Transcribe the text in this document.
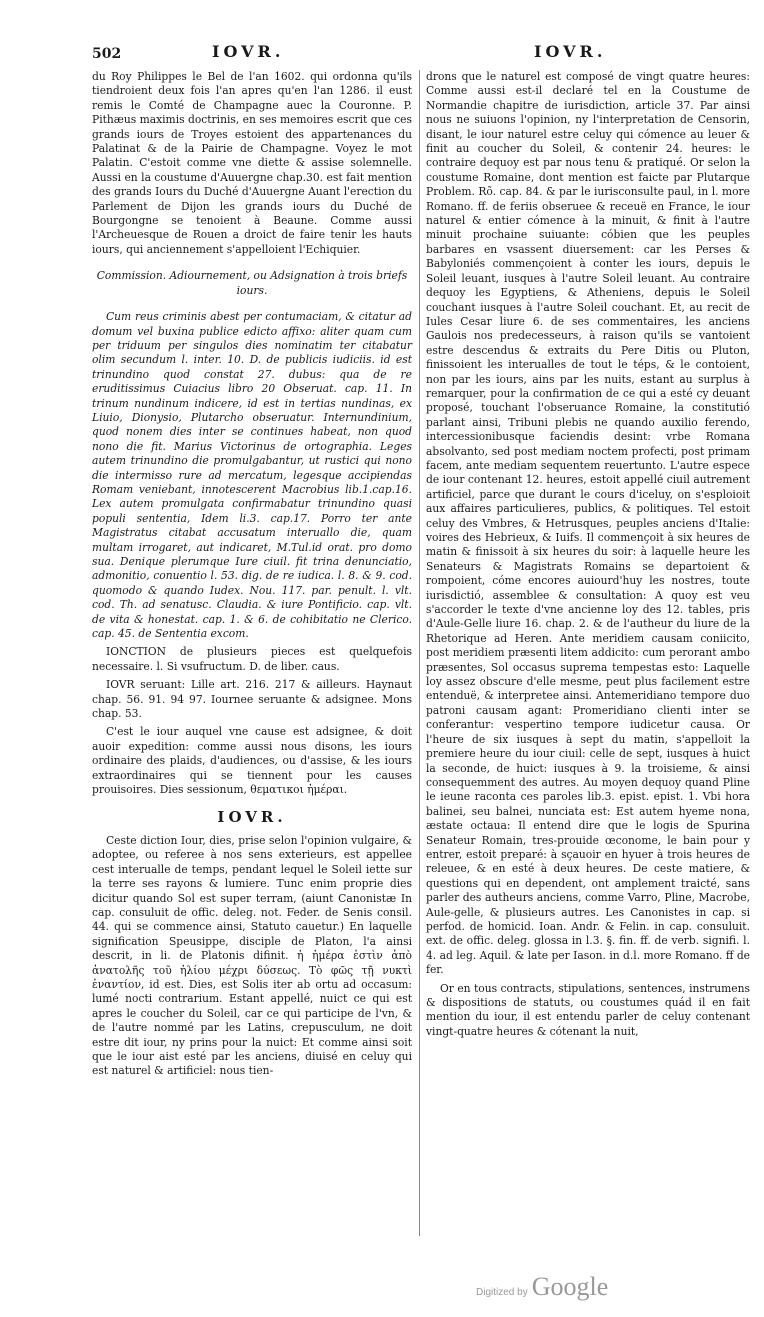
502	IOVR.	IOVR.

du Roy Philippes le Bel de l'an 1602. qui ordonna qu'ils tiendroient deux fois l'an apres qu'en l'an 1286. il eust remis le Comté de Champagne auec la Couronne. P. Pithæus maximis doctrinis, en ses memoires escrit que ces grands iours de Troyes estoient des appartenances du Palatinat & de la Pairie de Champagne. Voyez le mot Palatin. C'estoit comme vne diette & assise solemnelle. Aussi en la coustume d'Auuergne chap.30. est fait mention des grands Iours du Duché d'Auuergne Auant l'erection du Parlement de Dijon les grands iours du Duché de Bourgongne se tenoient à Beaune. Comme aussi l'Archeuesque de Rouen a droict de faire tenir les hauts iours, qui anciennement s'appelloient l'Echiquier.

Commission. Adiournement, ou Adsignation à trois briefs iours.

Cum reus criminis abest per contumaciam, & citatur ad domum vel buxina publice edicto affixo: aliter quam cum per triduum per singulos dies nominatim ter citabatur olim secundum l. inter. 10. D. de publicis iudiciis. id est trinundino quod constat 27. dubus: qua de re eruditissimus Cuiacius libro 20 Obseruat. cap. 11. In trinum nundinum indicere, id est in tertias nundinas, ex Liuio, Dionysio, Plutarcho obseruatur. Internundinium, quod nonem dies inter se continues habeat, non quod nono die fit. Marius Victorinus de ortographia. Leges autem trinundino die promulgabantur, ut rustici qui nono die intermisso rure ad mercatum, legesque accipiendas Romam veniebant, innotescerent Macrobius lib.1.cap.16. Lex autem promulgata confirmabatur trinundino quasi populi sententia, Idem li.3. cap.17. Porro ter ante Magistratus citabat accusatum interuallo die, quam multam irrogaret, aut indicaret, M.Tul.id orat. pro domo sua. Denique plerumque Iure ciuil. fit trina denunciatio, admonitio, conuentio l. 53. dig. de re iudica. l. 8. & 9. cod. quomodo & quando Iudex. Nou. 117. par. penult. l. vlt. cod. Th. ad senatusc. Claudia. & iure Pontificio. cap. vlt. de vita & honestat. cap. 1. & 6. de cohibitatio ne Clerico. cap. 45. de Sententia excom.

IONCTION de plusieurs pieces est quelquefois necessaire. l. Si vsufructum. D. de liber. caus.

IOVR seruant: Lille art. 216. 217 & ailleurs. Haynaut chap. 56. 91. 94 97. Iournee seruante & adsignee. Mons chap. 53.

C'est le iour auquel vne cause est adsignee, & doit auoir expedition: comme aussi nous disons, les iours ordinaire des plaids, d'audiences, ou d'assise, & les iours extraordinaires qui se tiennent pour les causes prouisoires. Dies sessionum, θεματικοι ἡμέραι.

IOVR.

Ceste diction Iour, dies, prise selon l'opinion vulgaire, & adoptee, ou referee à nos sens exterieurs, est appellee cest interualle de temps, pendant lequel le Soleil iette sur la terre ses rayons & lumiere. Tunc enim proprie dies dicitur quando Sol est super terram, (aiunt Canonistæ In cap. consuluit de offic. deleg. not. Feder. de Senis consil. 44. qui se commence ainsi, Statuto cauetur.) En laquelle signification Speusippe, disciple de Platon, l'a ainsi descrit, in li. de Platonis difinit. ἡ ἡμέρα ἐστὶν ἀπὸ ἀνατολῆς τοῦ ἡλίου μέχρι δύσεως. Τὸ φῶς τῇ νυκτὶ ἐναντίον, id est. Dies, est Solis iter ab ortu ad occasum: lumé nocti contrarium. Estant appellé, nuict ce qui est apres le coucher du Soleil, car ce qui participe de l'vn, & de l'autre nommé par les Latins, crepusculum, ne doit estre dit iour, ny prins pour la nuict: Et comme ainsi soit que le iour aist esté par les anciens, diuisé en celuy qui est naturel & artificiel: nous tien-

drons que le naturel est composé de vingt quatre heures: Comme aussi est-il declaré tel en la Coustume de Normandie chapitre de iurisdiction, article 37. Par ainsi nous ne suiuons l'opinion, ny l'interpretation de Censorin, disant, le iour naturel estre celuy qui cómence au leuer & finit au coucher du Soleil, & contenir 24. heures: le contraire dequoy est par nous tenu & pratiqué. Or selon la coustume Romaine, dont mention est faicte par Plutarque Problem. Rõ. cap. 84. & par le iurisconsulte paul, in l. more Romano. ff. de feriis obseruee & receuë en France, le iour naturel & entier cómence à la minuit, & finit à l'autre minuit prochaine suiuante: cóbien que les peuples barbares en vsassent diuersement: car les Perses & Babyloniés commençoient à conter les iours, depuis le Soleil leuant, iusques à l'autre Soleil leuant. Au contraire dequoy les Egyptiens, & Atheniens, depuis le Soleil couchant iusques à l'autre Soleil couchant. Et, au recit de Iules Cesar liure 6. de ses commentaires, les anciens Gaulois nos predecesseurs, à raison qu'ils se vantoient estre descendus & extraits du Pere Ditis ou Pluton, finissoient les interualles de tout le téps, & le contoient, non par les iours, ains par les nuits, estant au surplus à remarquer, pour la confirmation de ce qui a esté cy deuant proposé, touchant l'obseruance Romaine, la constitutió parlant ainsi, Tribuni plebis ne quando auxilio ferendo, intercessionibusque faciendis desint: vrbe Romana absolvanto, sed post mediam noctem profecti, post primam facem, ante mediam sequentem reuertunto. L'autre espece de iour contenant 12. heures, estoit appellé ciuil autrement artificiel, parce que durant le cours d'iceluy, on s'esploioit aux affaires particulieres, publics, & politiques. Tel estoit celuy des Vmbres, & Hetrusques, peuples anciens d'Italie: voires des Hebrieux, & Iuifs. Il commençoit à six heures de matin & finissoit à six heures du soir: à laquelle heure les Senateurs & Magistrats Romains se departoient & rompoient, cóme encores auiourd'huy les nostres, toute iurisdictió, assemblee & consultation: A quoy est veu s'accorder le texte d'vne ancienne loy des 12. tables, pris d'Aule-Gelle liure 16. chap. 2. & de l'autheur du liure de la Rhetorique ad Heren. Ante meridiem causam coniicito, post meridiem præsenti litem addicito: cum perorant ambo præsentes, Sol occasus suprema tempestas esto: Laquelle loy assez obscure d'elle mesme, peut plus facilement estre entenduë, & interpretee ainsi. Antemeridiano tempore duo patroni causam agant: Promeridiano clienti inter se conferantur: vespertino tempore iudicetur causa. Or l'heure de six iusques à sept du matin, s'appelloit la premiere heure du iour ciuil: celle de sept, iusques à huict la seconde, de huict: iusques à 9. la troisieme, & ainsi consequemment des autres. Au moyen dequoy quand Pline le ieune raconta ces paroles lib.3. epist. epist. 1. Vbi hora balinei, seu balnei, nunciata est: Est autem hyeme nona, æstate octaua: Il entend dire que le logis de Spurina Senateur Romain, tres-prouide œconome, le bain pour y entrer, estoit preparé: à sçauoir en hyuer à trois heures de releuee, & en esté à deux heures. De ceste matiere, & questions qui en dependent, ont amplement traicté, sans parler des autheurs anciens, comme Varro, Pline, Macrobe, Aule-gelle, & plusieurs autres. Les Canonistes in cap. si perfod. de homicid. Ioan. Andr. & Felin. in cap. consuluit. ext. de offic. deleg. glossa in l.3. §. fin. ff. de verb. signifi. l. 4. ad leg. Aquil. & late per Iason. in d.l. more Romano. ff de fer.

Or en tous contracts, stipulations, sentences, instrumens & dispositions de statuts, ou coustumes quád il en fait mention du iour, il est entendu parler de celuy contenant vingt-quatre heures & cótenant la nuit,

Digitized by Google
